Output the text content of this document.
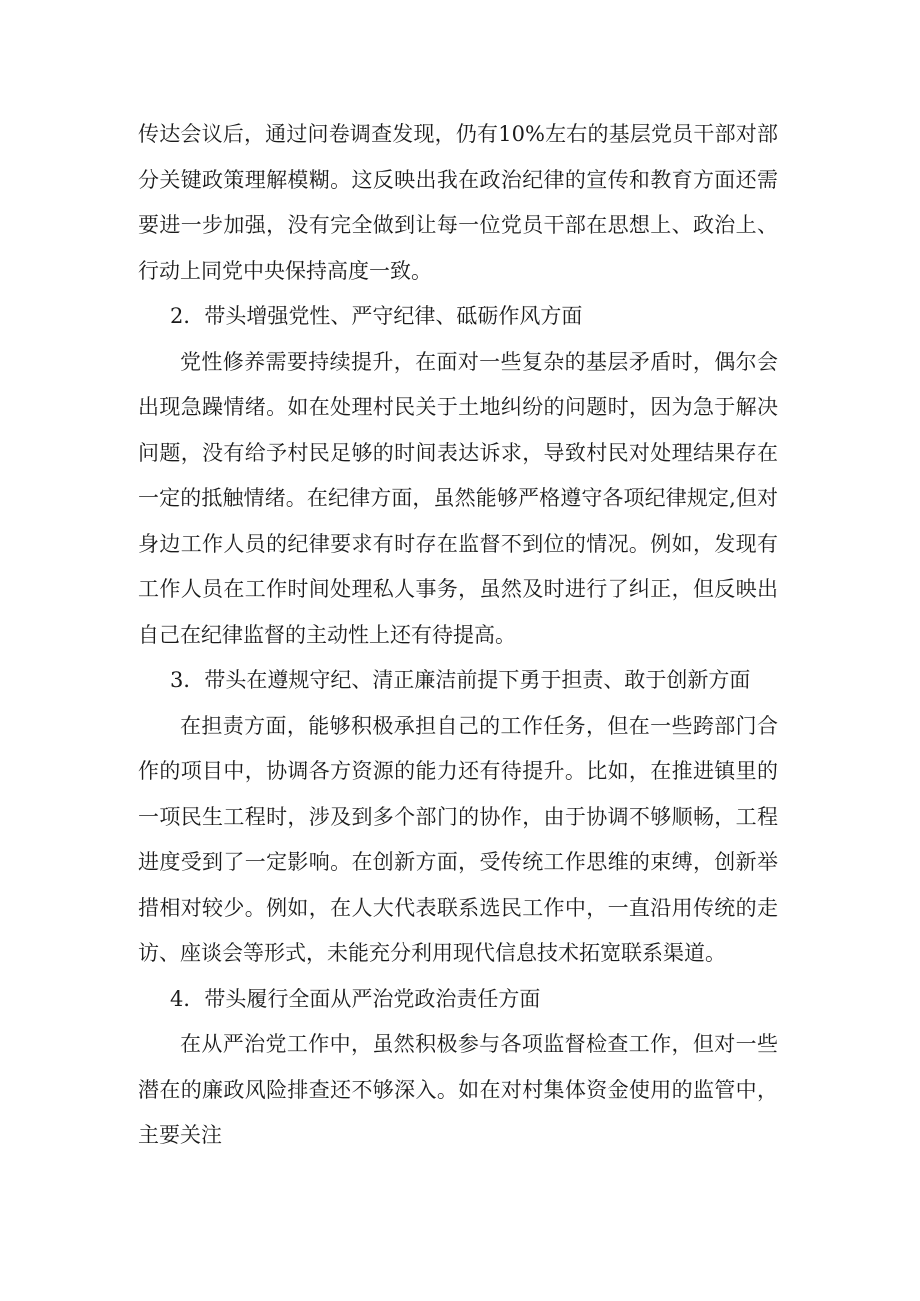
传达会议后，通过问卷调查发现，仍有10%左右的基层党员干部对部分关键政策理解模糊。这反映出我在政治纪律的宣传和教育方面还需要进一步加强，没有完全做到让每一位党员干部在思想上、政治上、行动上同党中央保持高度一致。

2．带头增强党性、严守纪律、砥砺作风方面

党性修养需要持续提升，在面对一些复杂的基层矛盾时，偶尔会出现急躁情绪。如在处理村民关于土地纠纷的问题时，因为急于解决问题，没有给予村民足够的时间表达诉求，导致村民对处理结果存在一定的抵触情绪。在纪律方面，虽然能够严格遵守各项纪律规定,但对身边工作人员的纪律要求有时存在监督不到位的情况。例如，发现有工作人员在工作时间处理私人事务，虽然及时进行了纠正，但反映出自己在纪律监督的主动性上还有待提高。

3．带头在遵规守纪、清正廉洁前提下勇于担责、敢于创新方面

在担责方面，能够积极承担自己的工作任务，但在一些跨部门合作的项目中，协调各方资源的能力还有待提升。比如，在推进镇里的一项民生工程时，涉及到多个部门的协作，由于协调不够顺畅，工程进度受到了一定影响。在创新方面，受传统工作思维的束缚，创新举措相对较少。例如，在人大代表联系选民工作中，一直沿用传统的走访、座谈会等形式，未能充分利用现代信息技术拓宽联系渠道。

4．带头履行全面从严治党政治责任方面

在从严治党工作中，虽然积极参与各项监督检查工作，但对一些潜在的廉政风险排查还不够深入。如在对村集体资金使用的监管中，主要关注
